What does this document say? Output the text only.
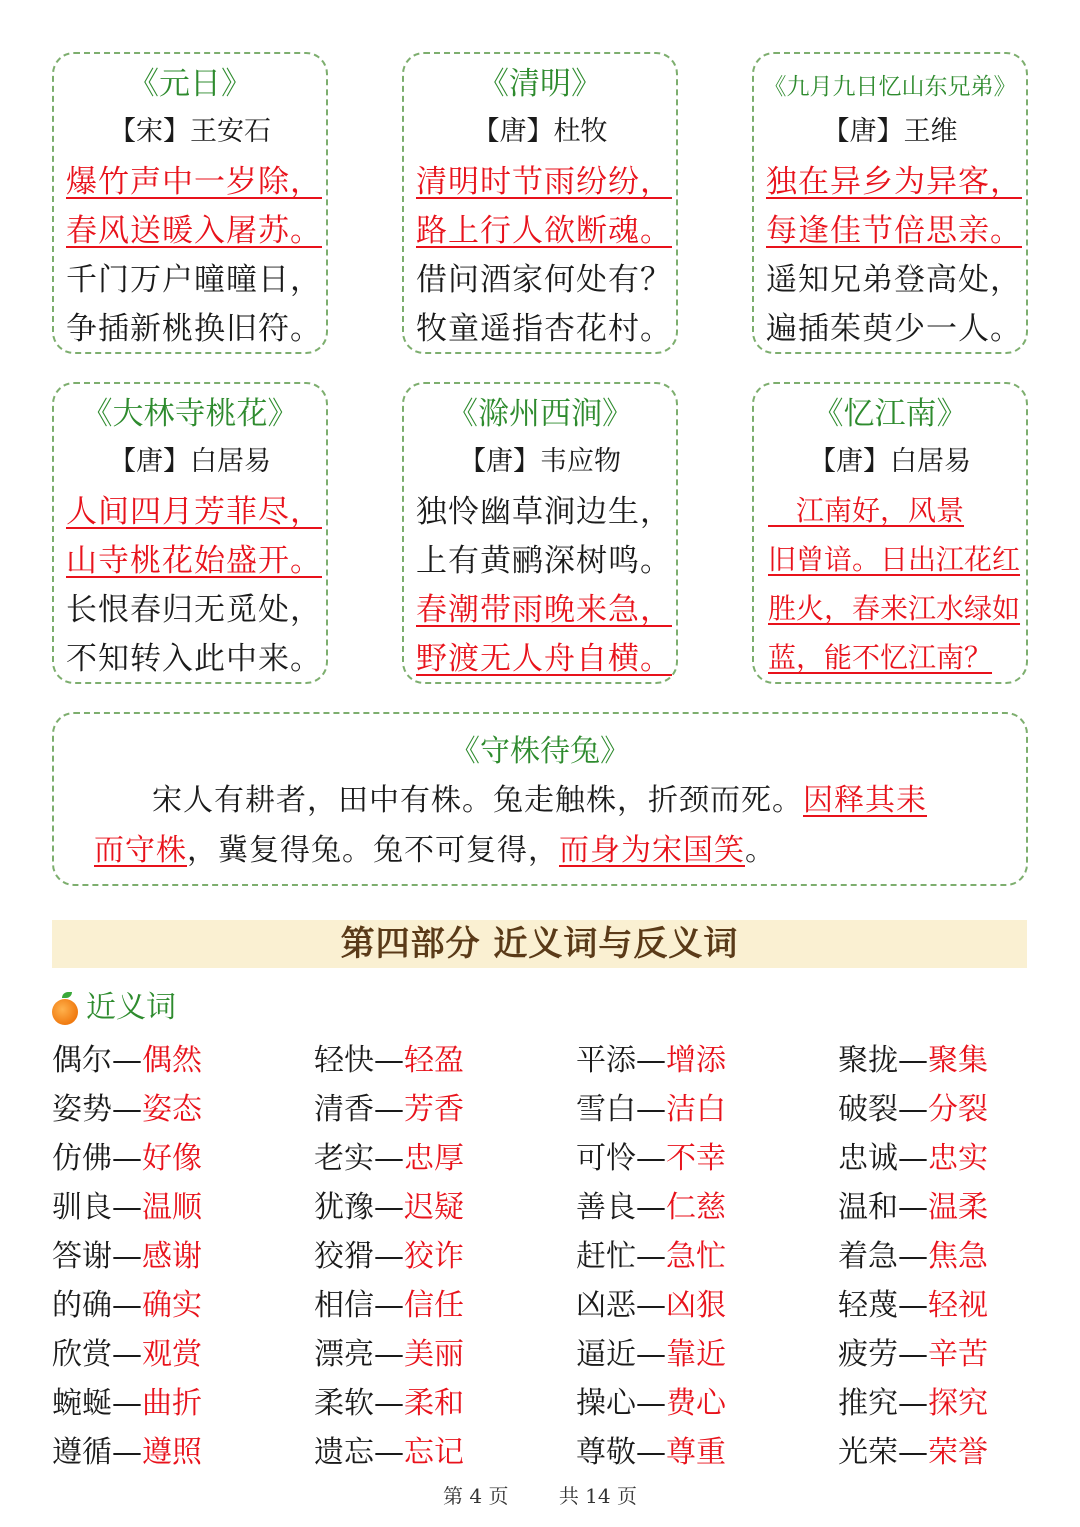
《元日》
【宋】王安石
爆竹声中一岁除，
春风送暖入屠苏。
千门万户曈曈日，
争插新桃换旧符。
《清明》
【唐】杜牧
清明时节雨纷纷，
路上行人欲断魂。
借问酒家何处有？
牧童遥指杏花村。
《九月九日忆山东兄弟》
【唐】王维
独在异乡为异客，
每逢佳节倍思亲。
遥知兄弟登高处，
遍插茱萸少一人。
《大林寺桃花》
【唐】白居易
人间四月芳菲尽，
山寺桃花始盛开。
长恨春归无觅处，
不知转入此中来。
《滁州西涧》
【唐】韦应物
独怜幽草涧边生，
上有黄鹂深树鸣。
春潮带雨晚来急，
野渡无人舟自横。
《忆江南》
【唐】白居易
　江南好，风景
旧曾谙。日出江花红
胜火，春来江水绿如
蓝，能不忆江南？
《守株待兔》
　　宋人有耕者，田中有株。兔走触株，折颈而死。因释其耒
而守株，冀复得兔。兔不可复得，而身为宋国笑。
第四部分 近义词与反义词
近义词
偶尔—偶然	轻快—轻盈	平添—增添	聚拢—聚集
姿势—姿态	清香—芳香	雪白—洁白	破裂—分裂
仿佛—好像	老实—忠厚	可怜—不幸	忠诚—忠实
驯良—温顺	犹豫—迟疑	善良—仁慈	温和—温柔
答谢—感谢	狡猾—狡诈	赶忙—急忙	着急—焦急
的确—确实	相信—信任	凶恶—凶狠	轻蔑—轻视
欣赏—观赏	漂亮—美丽	逼近—靠近	疲劳—辛苦
蜿蜒—曲折	柔软—柔和	操心—费心	推究—探究
遵循—遵照	遗忘—忘记	尊敬—尊重	光荣—荣誉
第 4 页	共 14 页
